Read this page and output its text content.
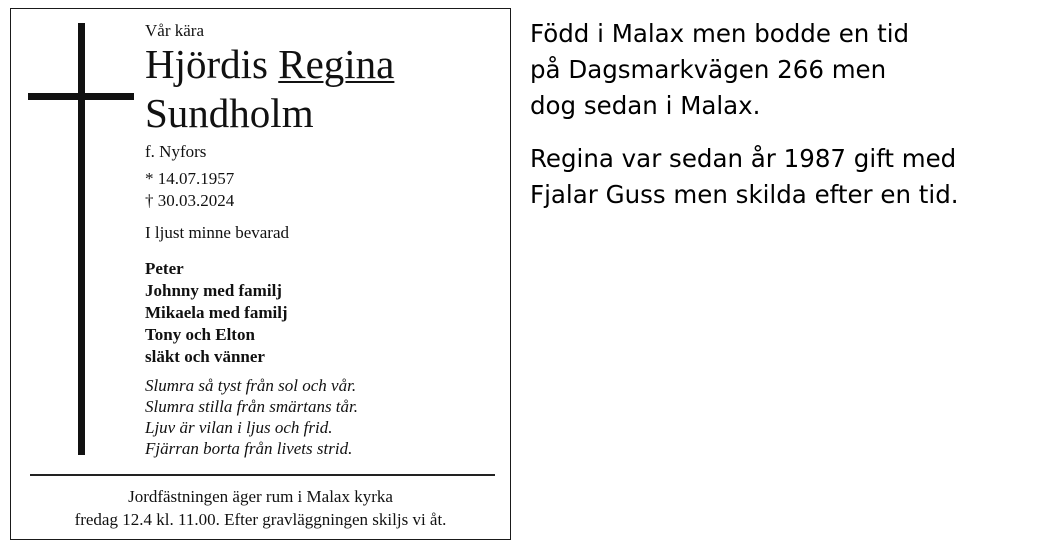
Vår kära
Hjördis Regina
Sundholm
f. Nyfors
* 14.07.1957
† 30.03.2024
I ljust minne bevarad
Peter
Johnny med familj
Mikaela med familj
Tony och Elton
släkt och vänner
Slumra så tyst från sol och vår.
Slumra stilla från smärtans tår.
Ljuv är vilan i ljus och frid.
Fjärran borta från livets strid.
Jordfästningen äger rum i Malax kyrka
fredag 12.4 kl. 11.00. Efter gravläggningen skiljs vi åt.
Född i Malax men bodde en tid
på Dagsmarkvägen 266 men
dog sedan i Malax.
Regina var sedan år 1987 gift med
Fjalar Guss men skilda efter en tid.
